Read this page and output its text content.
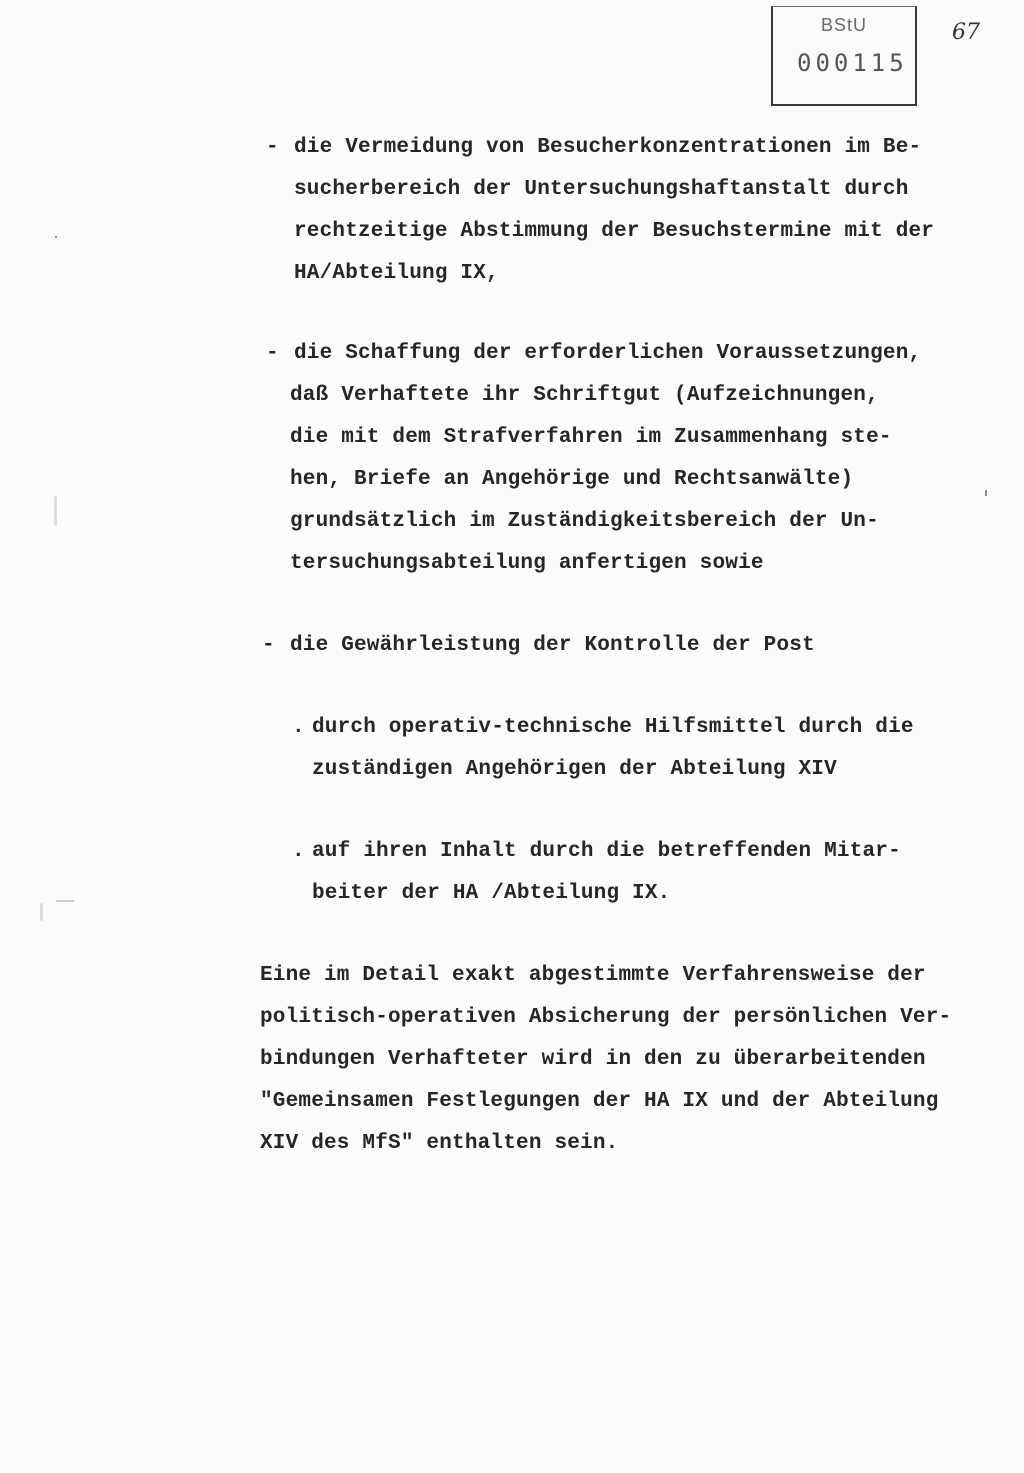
BStU
000115
67
- die Vermeidung von Besucherkonzentrationen im Be-
sucherbereich der Untersuchungshaftanstalt durch
rechtzeitige Abstimmung der Besuchstermine mit der
HA/Abteilung IX,
- die Schaffung der erforderlichen Voraussetzungen,
daß Verhaftete ihr Schriftgut (Aufzeichnungen,
die mit dem Strafverfahren im Zusammenhang ste-
hen, Briefe an Angehörige und Rechtsanwälte)
grundsätzlich im Zuständigkeitsbereich der Un-
tersuchungsabteilung anfertigen sowie
- die Gewährleistung der Kontrolle der Post
. durch operativ-technische Hilfsmittel durch die
zuständigen Angehörigen der Abteilung XIV
. auf ihren Inhalt durch die betreffenden Mitar-
beiter der HA /Abteilung IX.
Eine im Detail exakt abgestimmte Verfahrensweise der
politisch-operativen Absicherung der persönlichen Ver-
bindungen Verhafteter wird in den zu überarbeitenden
"Gemeinsamen Festlegungen der HA IX und der Abteilung
XIV des MfS" enthalten sein.
